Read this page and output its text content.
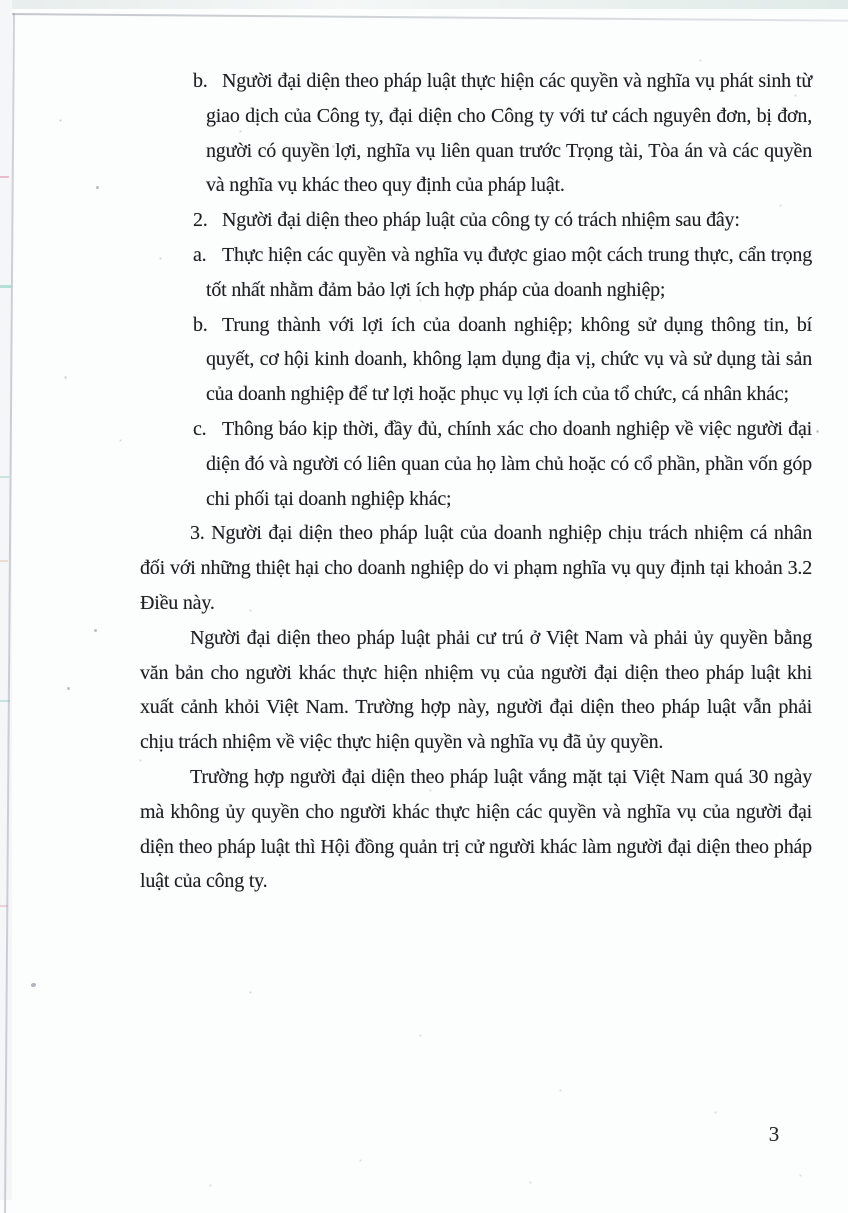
b. Người đại diện theo pháp luật thực hiện các quyền và nghĩa vụ phát sinh từ giao dịch của Công ty, đại diện cho Công ty với tư cách nguyên đơn, bị đơn, người có quyền lợi, nghĩa vụ liên quan trước Trọng tài, Tòa án và các quyền và nghĩa vụ khác theo quy định của pháp luật.
2. Người đại diện theo pháp luật của công ty có trách nhiệm sau đây:
a. Thực hiện các quyền và nghĩa vụ được giao một cách trung thực, cẩn trọng tốt nhất nhằm đảm bảo lợi ích hợp pháp của doanh nghiệp;
b. Trung thành với lợi ích của doanh nghiệp; không sử dụng thông tin, bí quyết, cơ hội kinh doanh, không lạm dụng địa vị, chức vụ và sử dụng tài sản của doanh nghiệp để tư lợi hoặc phục vụ lợi ích của tổ chức, cá nhân khác;
c. Thông báo kịp thời, đầy đủ, chính xác cho doanh nghiệp về việc người đại diện đó và người có liên quan của họ làm chủ hoặc có cổ phần, phần vốn góp chi phối tại doanh nghiệp khác;

3. Người đại diện theo pháp luật của doanh nghiệp chịu trách nhiệm cá nhân đối với những thiệt hại cho doanh nghiệp do vi phạm nghĩa vụ quy định tại khoản 3.2 Điều này.

Người đại diện theo pháp luật phải cư trú ở Việt Nam và phải ủy quyền bằng văn bản cho người khác thực hiện nhiệm vụ của người đại diện theo pháp luật khi xuất cảnh khỏi Việt Nam. Trường hợp này, người đại diện theo pháp luật vẫn phải chịu trách nhiệm về việc thực hiện quyền và nghĩa vụ đã ủy quyền.

Trường hợp người đại diện theo pháp luật vắng mặt tại Việt Nam quá 30 ngày mà không ủy quyền cho người khác thực hiện các quyền và nghĩa vụ của người đại diện theo pháp luật thì Hội đồng quản trị cử người khác làm người đại diện theo pháp luật của công ty.

3
